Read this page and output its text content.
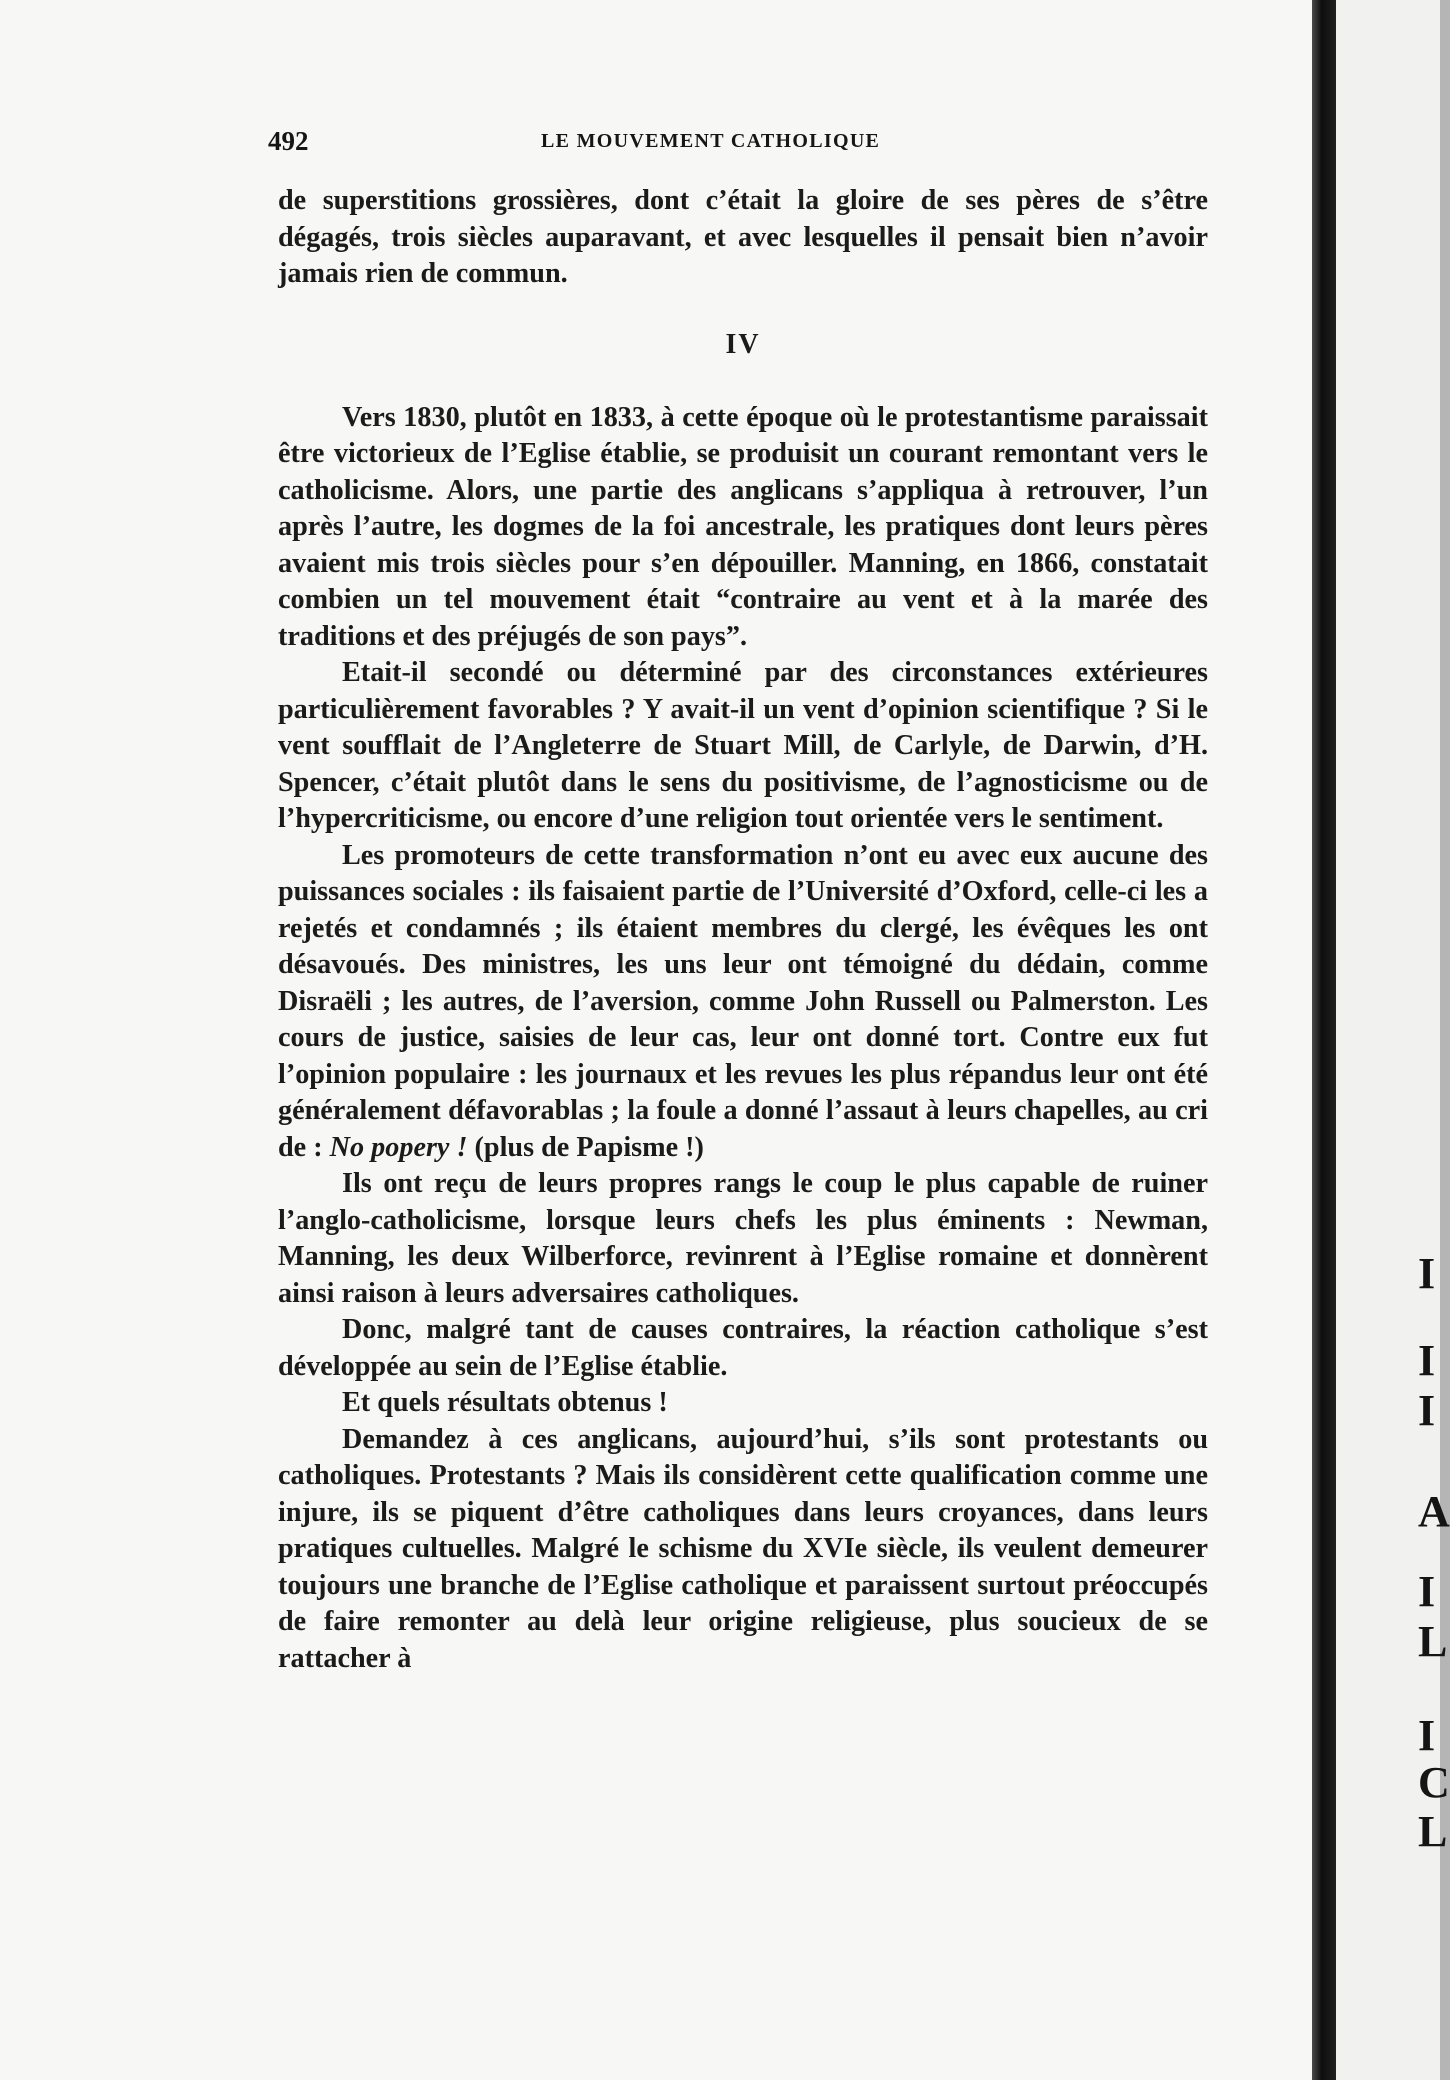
492	LE MOUVEMENT CATHOLIQUE

de superstitions grossières, dont c’était la gloire de ses pères de s’être dégagés, trois siècles auparavant, et avec lesquelles il pensait bien n’avoir jamais rien de commun.

IV

Vers 1830, plutôt en 1833, à cette époque où le protestantisme paraissait être victorieux de l’Eglise établie, se produisit un courant remontant vers le catholicisme. Alors, une partie des anglicans s’appliqua à retrouver, l’un après l’autre, les dogmes de la foi ancestrale, les pratiques dont leurs pères avaient mis trois siècles pour s’en dépouiller. Manning, en 1866, constatait combien un tel mouvement était “contraire au vent et à la marée des traditions et des préjugés de son pays”.

Etait-il secondé ou déterminé par des circonstances extérieures particulièrement favorables ? Y avait-il un vent d’opinion scientifique ? Si le vent soufflait de l’Angleterre de Stuart Mill, de Carlyle, de Darwin, d’H. Spencer, c’était plutôt dans le sens du positivisme, de l’agnosticisme ou de l’hypercriticisme, ou encore d’une religion tout orientée vers le sentiment.

Les promoteurs de cette transformation n’ont eu avec eux aucune des puissances sociales : ils faisaient partie de l’Université d’Oxford, celle-ci les a rejetés et condamnés ; ils étaient membres du clergé, les évêques les ont désavoués. Des ministres, les uns leur ont témoigné du dédain, comme Disraëli ; les autres, de l’aversion, comme John Russell ou Palmerston. Les cours de justice, saisies de leur cas, leur ont donné tort. Contre eux fut l’opinion populaire : les journaux et les revues les plus répandus leur ont été généralement défavorablas ; la foule a donné l’assaut à leurs chapelles, au cri de : No popery ! (plus de Papisme !)

Ils ont reçu de leurs propres rangs le coup le plus capable de ruiner l’anglo-catholicisme, lorsque leurs chefs les plus éminents : Newman, Manning, les deux Wilberforce, revinrent à l’Eglise romaine et donnèrent ainsi raison à leurs adversaires catholiques.

Donc, malgré tant de causes contraires, la réaction catholique s’est développée au sein de l’Eglise établie.

Et quels résultats obtenus !

Demandez à ces anglicans, aujourd’hui, s’ils sont protestants ou catholiques. Protestants ? Mais ils considèrent cette qualification comme une injure, ils se piquent d’être catholiques dans leurs croyances, dans leurs pratiques cultuelles. Malgré le schisme du XVIe siècle, ils veulent demeurer toujours une branche de l’Eglise catholique et paraissent surtout préoccupés de faire remonter au delà leur origine religieuse, plus soucieux de se rattacher à

I
I
I
A
I
L
I
C
L
